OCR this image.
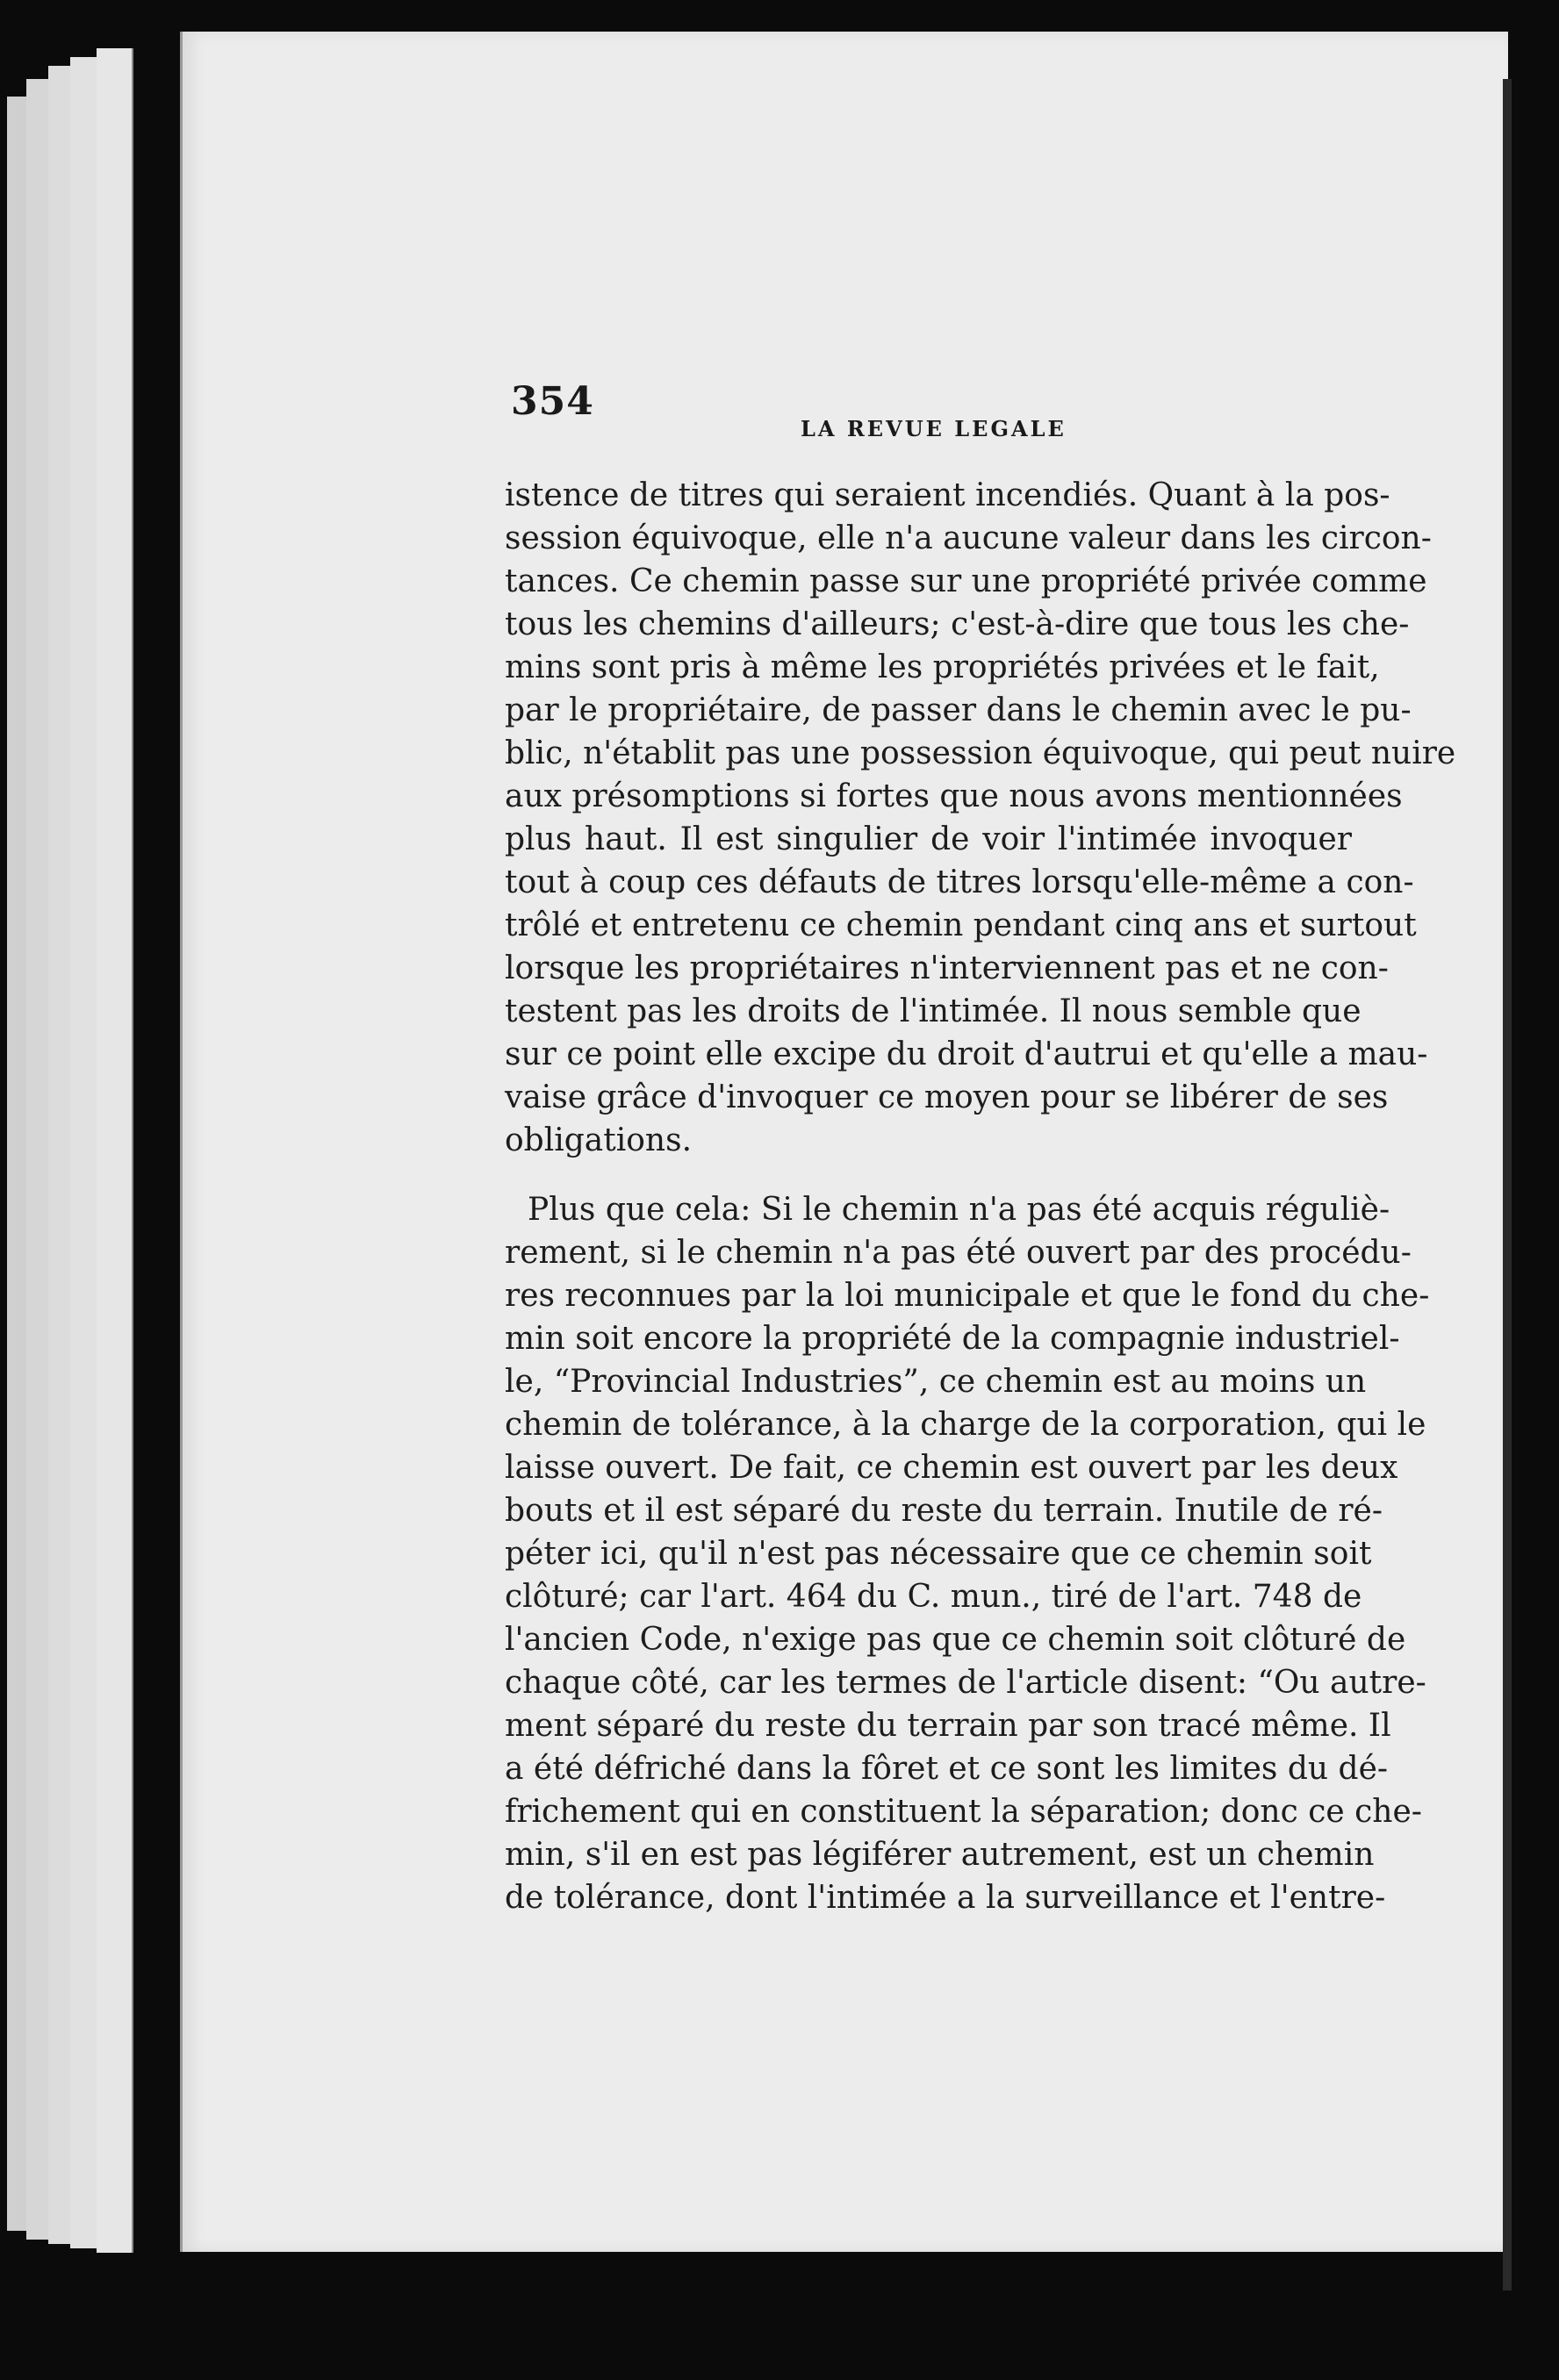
354
LA REVUE LEGALE
istence de titres qui seraient incendiés. Quant à la pos-
session équivoque, elle n'a aucune valeur dans les circon-
tances. Ce chemin passe sur une propriété privée comme
tous les chemins d'ailleurs; c'est-à-dire que tous les che-
mins sont pris à même les propriétés privées et le fait,
par le propriétaire, de passer dans le chemin avec le pu-
blic, n'établit pas une possession équivoque, qui peut nuire
aux présomptions si fortes que nous avons mentionnées
plus haut. Il est singulier de voir l'intimée invoquer
tout à coup ces défauts de titres lorsqu'elle-même a con-
trôlé et entretenu ce chemin pendant cinq ans et surtout
lorsque les propriétaires n'interviennent pas et ne con-
testent pas les droits de l'intimée. Il nous semble que
sur ce point elle excipe du droit d'autrui et qu'elle a mau-
vaise grâce d'invoquer ce moyen pour se libérer de ses
obligations.
Plus que cela: Si le chemin n'a pas été acquis réguliè-
rement, si le chemin n'a pas été ouvert par des procédu-
res reconnues par la loi municipale et que le fond du che-
min soit encore la propriété de la compagnie industriel-
le, “Provincial Industries”, ce chemin est au moins un
chemin de tolérance, à la charge de la corporation, qui le
laisse ouvert. De fait, ce chemin est ouvert par les deux
bouts et il est séparé du reste du terrain. Inutile de ré-
péter ici, qu'il n'est pas nécessaire que ce chemin soit
clôturé; car l'art. 464 du C. mun., tiré de l'art. 748 de
l'ancien Code, n'exige pas que ce chemin soit clôturé de
chaque côté, car les termes de l'article disent: “Ou autre-
ment séparé du reste du terrain par son tracé même. Il
a été défriché dans la fôret et ce sont les limites du dé-
frichement qui en constituent la séparation; donc ce che-
min, s'il en est pas légiférer autrement, est un chemin
de tolérance, dont l'intimée a la surveillance et l'entre-
